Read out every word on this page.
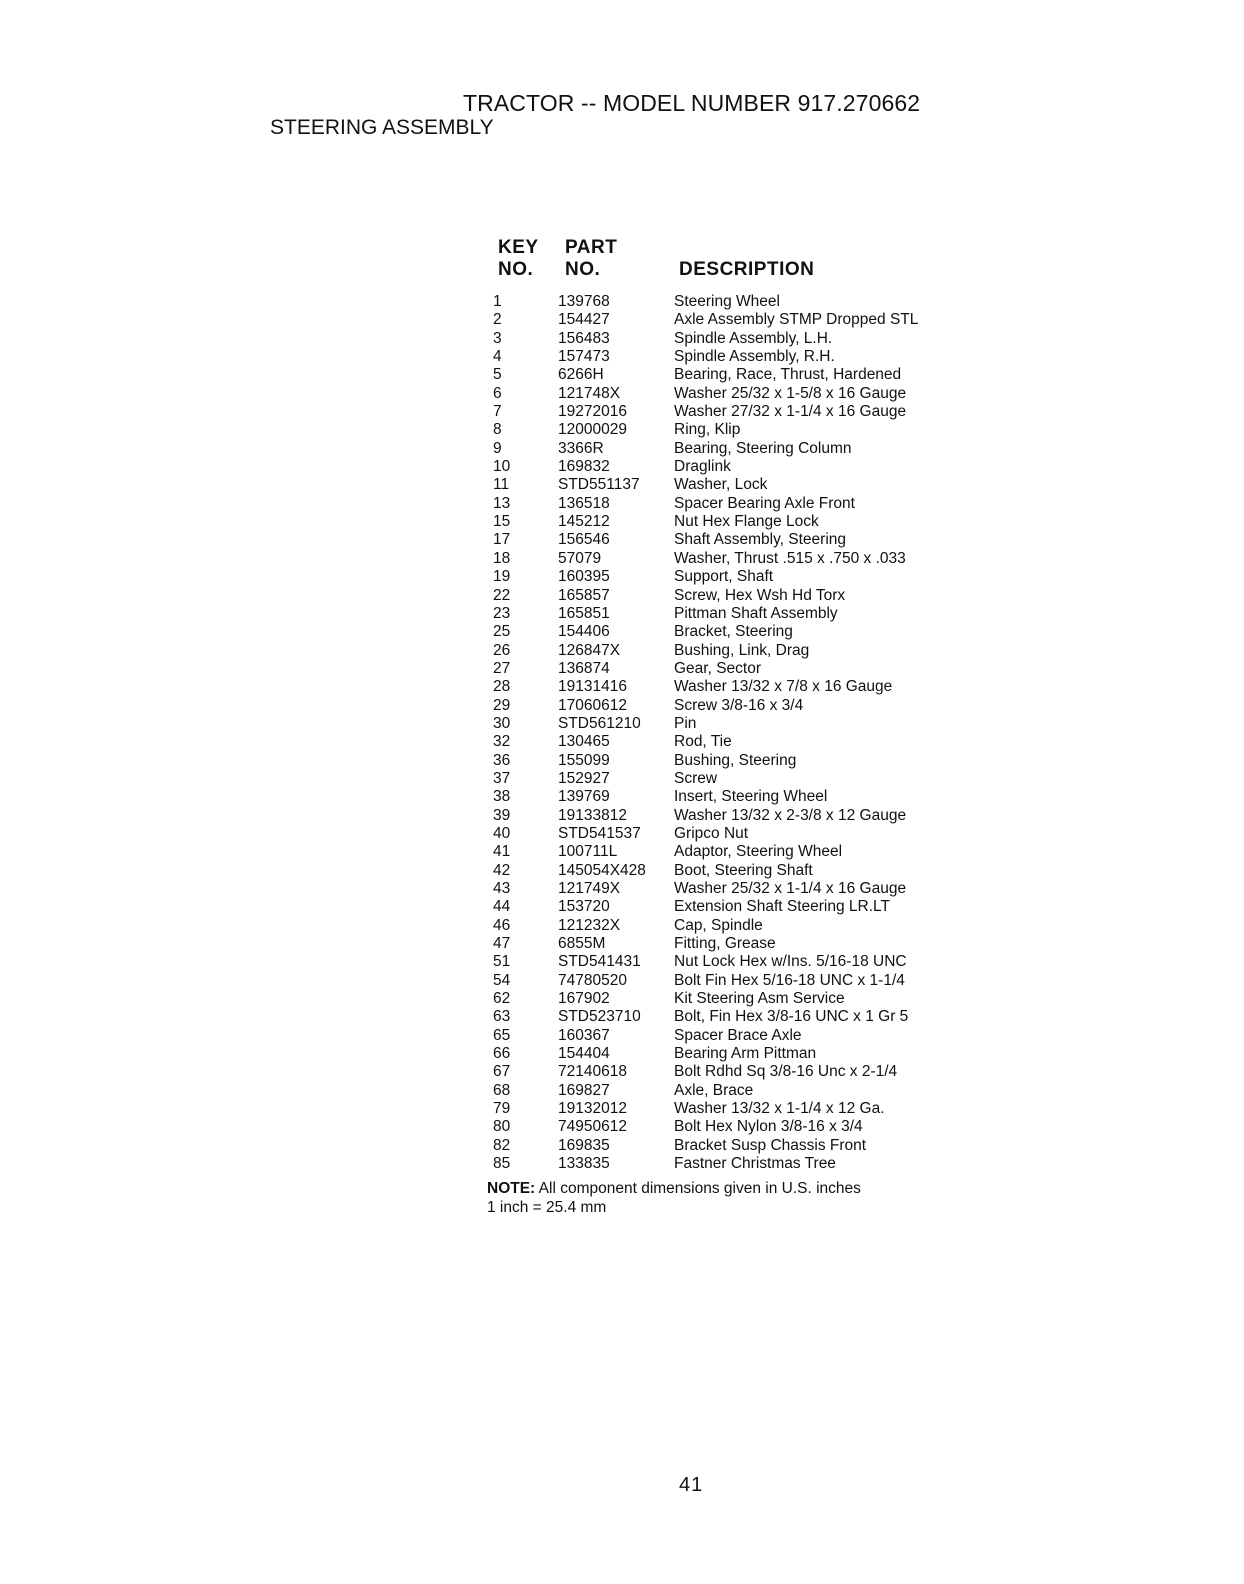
TRACTOR -- MODEL NUMBER 917.270662
STEERING ASSEMBLY
KEY
NO.
PART
NO.	DESCRIPTION
1	139768	Steering Wheel
2	154427	Axle Assembly STMP Dropped STL
3	156483	Spindle Assembly, L.H.
4	157473	Spindle Assembly, R.H.
5	6266H	Bearing, Race, Thrust, Hardened
6	121748X	Washer 25/32 x 1-5/8 x 16 Gauge
7	19272016	Washer 27/32 x 1-1/4 x 16 Gauge
8	12000029	Ring, Klip
9	3366R	Bearing, Steering Column
10	169832	Draglink
11	STD551137	Washer, Lock
13	136518	Spacer Bearing Axle Front
15	145212	Nut Hex Flange Lock
17	156546	Shaft Assembly, Steering
18	57079	Washer, Thrust .515 x .750 x .033
19	160395	Support, Shaft
22	165857	Screw, Hex Wsh Hd Torx
23	165851	Pittman Shaft Assembly
25	154406	Bracket, Steering
26	126847X	Bushing, Link, Drag
27	136874	Gear, Sector
28	19131416	Washer 13/32 x 7/8 x 16 Gauge
29	17060612	Screw 3/8-16 x 3/4
30	STD561210	Pin
32	130465	Rod, Tie
36	155099	Bushing, Steering
37	152927	Screw
38	139769	Insert, Steering Wheel
39	19133812	Washer 13/32 x 2-3/8 x 12 Gauge
40	STD541537	Gripco Nut
41	100711L	Adaptor, Steering Wheel
42	145054X428	Boot, Steering Shaft
43	121749X	Washer 25/32 x 1-1/4 x 16 Gauge
44	153720	Extension Shaft Steering LR.LT
46	121232X	Cap, Spindle
47	6855M	Fitting, Grease
51	STD541431	Nut Lock Hex w/Ins. 5/16-18 UNC
54	74780520	Bolt Fin Hex 5/16-18 UNC x 1-1/4
62	167902	Kit Steering Asm Service
63	STD523710	Bolt, Fin Hex 3/8-16 UNC x 1 Gr 5
65	160367	Spacer Brace Axle
66	154404	Bearing Arm Pittman
67	72140618	Bolt Rdhd Sq 3/8-16 Unc x 2-1/4
68	169827	Axle, Brace
79	19132012	Washer 13/32 x 1-1/4 x 12 Ga.
80	74950612	Bolt Hex Nylon 3/8-16 x 3/4
82	169835	Bracket Susp Chassis Front
85	133835	Fastner Christmas Tree
NOTE: All component dimensions given in U.S. inches
1 inch = 25.4 mm
41
